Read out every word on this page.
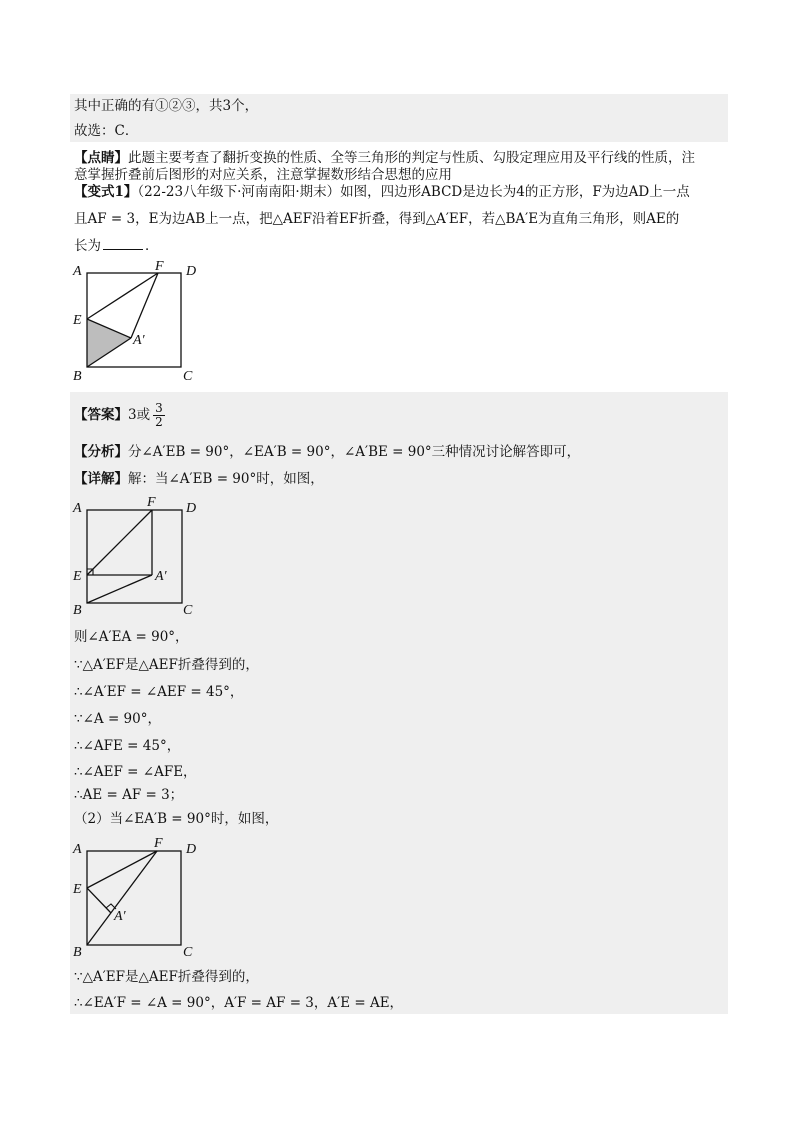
其中正确的有①②③，共3个，
故选：C．
【点睛】此题主要考查了翻折变换的性质、全等三角形的判定与性质、勾股定理应用及平行线的性质，注
意掌握折叠前后图形的对应关系，注意掌握数形结合思想的应用
【变式1】（22-23八年级下·河南南阳·期末）如图，四边形ABCD是边长为4的正方形，F为边AD上一点
且AF = 3，E为边AB上一点，把△AEF沿着EF折叠，得到△A′EF，若△BA′E为直角三角形，则AE的
长为	．
A	F D
E
A′
B	C
【答案】3或 $\frac{3}{2}$
【分析】分∠A′EB = 90°，∠EA′B = 90°，∠A′BE = 90°三种情况讨论解答即可，
【详解】解：当∠A′EB = 90°时，如图，
A	F D
E	A′
B	C
则∠A′EA = 90°，
∵△A′EF是△AEF折叠得到的，
∴∠A′EF = ∠AEF = 45°，
∵∠A = 90°，
∴∠AFE = 45°，
∴∠AEF = ∠AFE，
∴AE = AF = 3；
（2）当∠EA′B = 90°时，如图，
A	F D
E
A′
B	C
∵△A′EF是△AEF折叠得到的，
∴∠EA′F = ∠A = 90°，A′F = AF = 3，A′E = AE，
